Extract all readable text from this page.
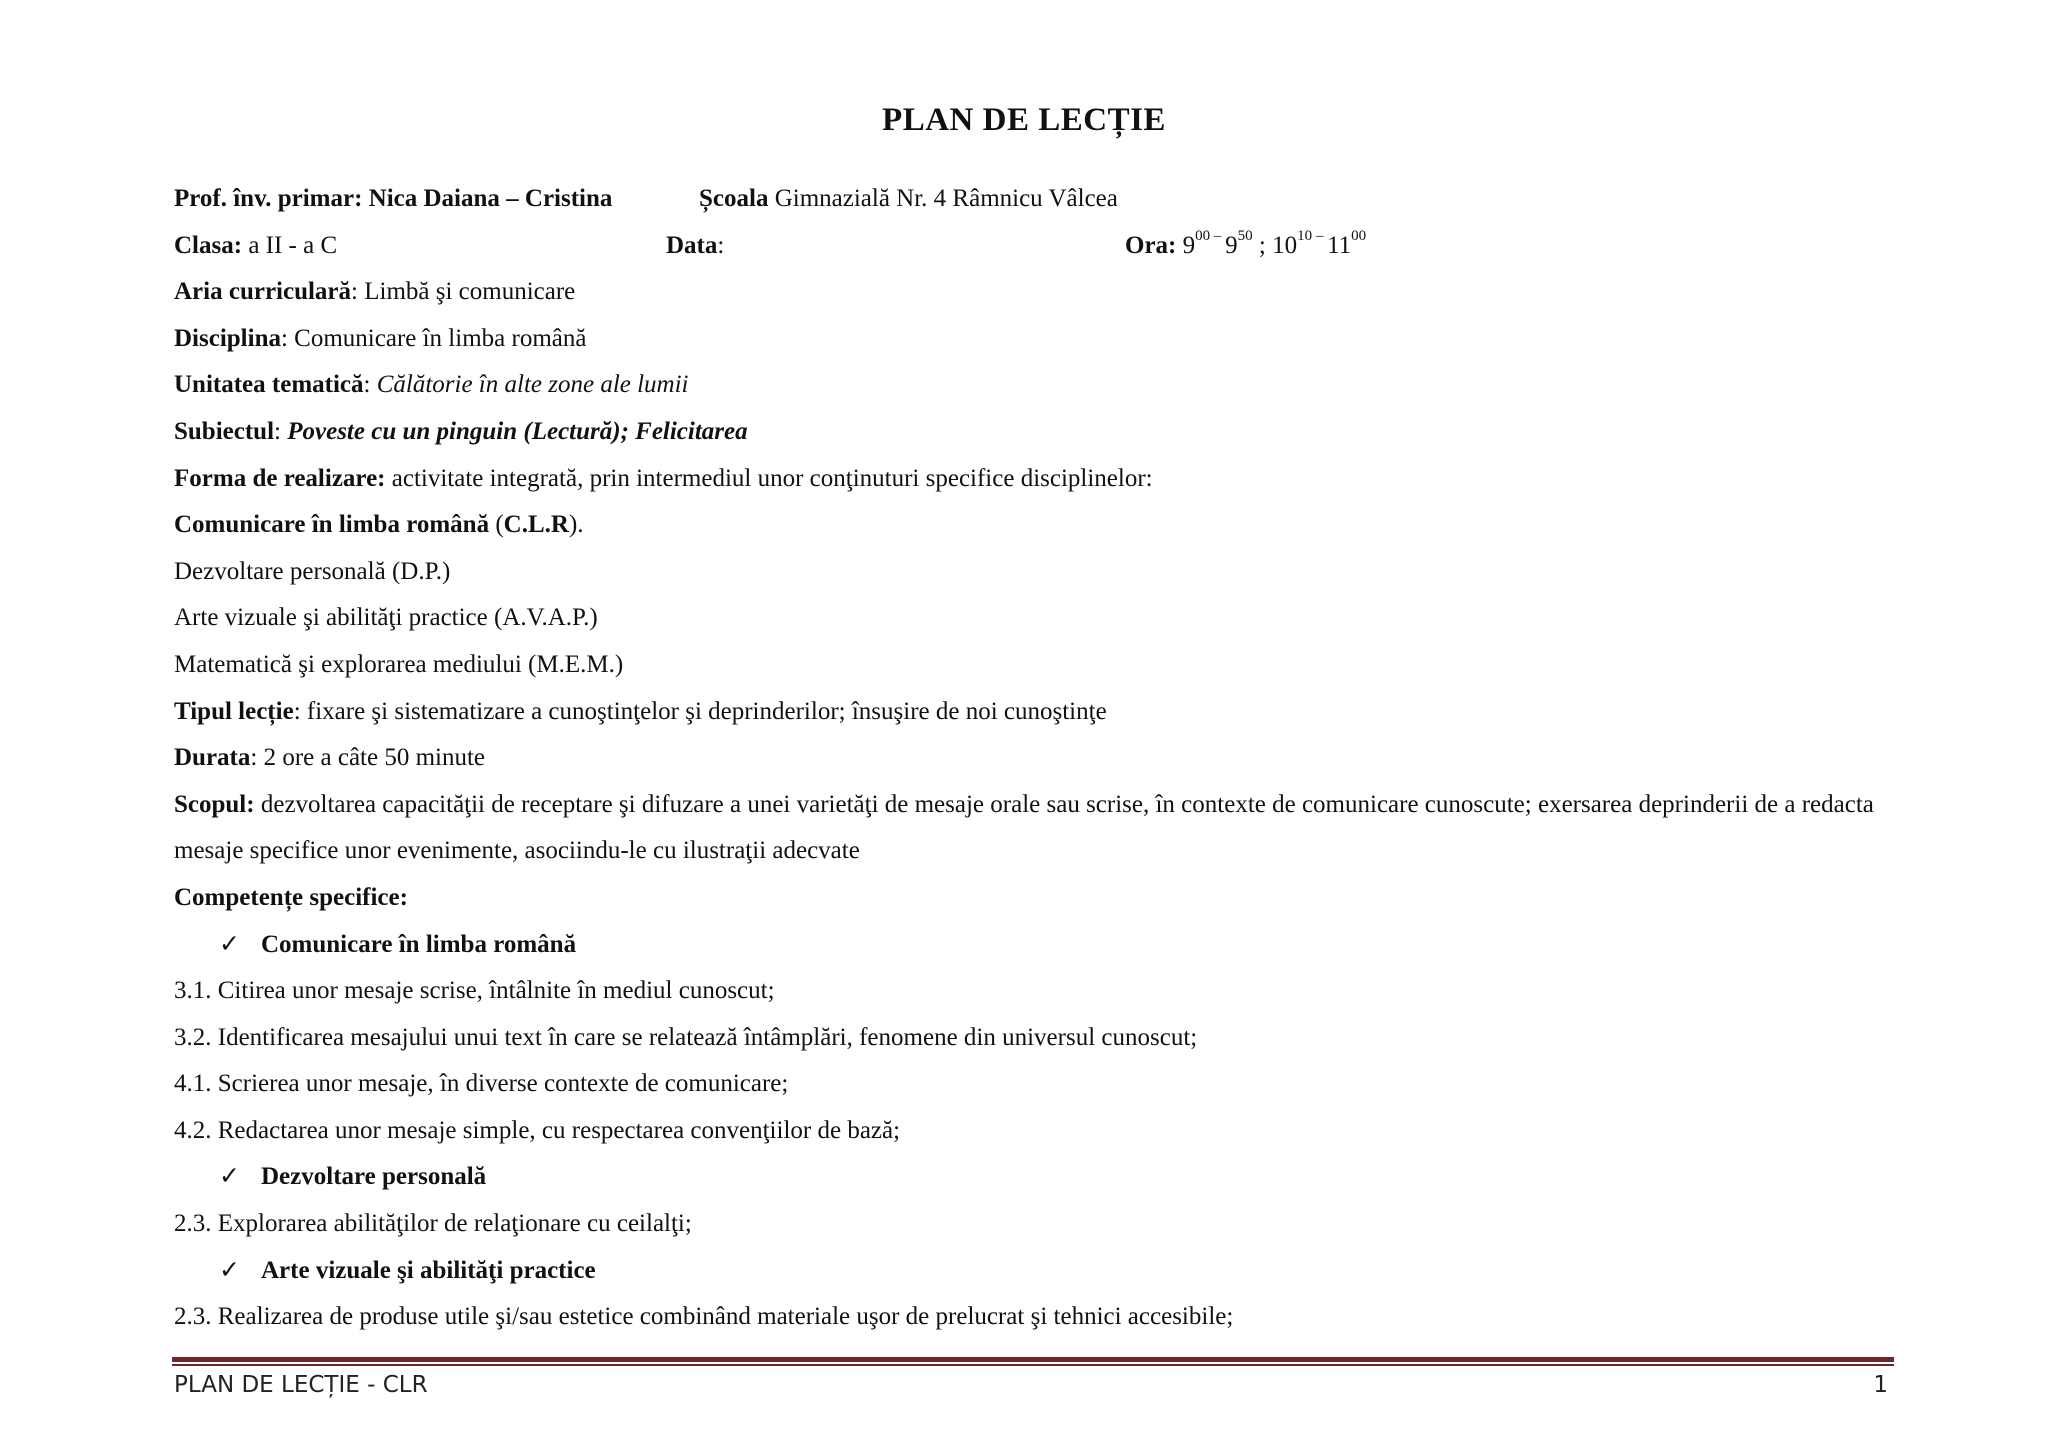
PLAN DE LECȚIE
Prof. înv. primar: Nica Daiana – Cristina	Școala Gimnazială Nr. 4 Râmnicu Vâlcea
Clasa: a II - a C	Data:	Ora: $9^{00 -}$ $9^{50}$ ; $10^{10 -}$ $11^{00}$
Aria curriculară: Limbă şi comunicare
Disciplina: Comunicare în limba română
Unitatea tematică: Călătorie în alte zone ale lumii
Subiectul: Poveste cu un pinguin (Lectură); Felicitarea
Forma de realizare: activitate integrată, prin intermediul unor conţinuturi specifice disciplinelor:
Comunicare în limba română (C.L.R).
Dezvoltare personală (D.P.)
Arte vizuale şi abilităţi practice (A.V.A.P.)
Matematică şi explorarea mediului (M.E.M.)
Tipul lecție: fixare şi sistematizare a cunoştinţelor şi deprinderilor; însuşire de noi cunoştinţe
Durata: 2 ore a câte 50 minute
Scopul: dezvoltarea capacităţii de receptare şi difuzare a unei varietăţi de mesaje orale sau scrise, în contexte de comunicare cunoscute; exersarea deprinderii de a redacta mesaje specifice unor evenimente, asociindu-le cu ilustraţii adecvate
Competențe specifice:
✓ Comunicare în limba română
3.1. Citirea unor mesaje scrise, întâlnite în mediul cunoscut;
3.2. Identificarea mesajului unui text în care se relatează întâmplări, fenomene din universul cunoscut;
4.1. Scrierea unor mesaje, în diverse contexte de comunicare;
4.2. Redactarea unor mesaje simple, cu respectarea convenţiilor de bază;
✓ Dezvoltare personală
2.3. Explorarea abilităţilor de relaţionare cu ceilalţi;
✓ Arte vizuale şi abilităţi practice
2.3. Realizarea de produse utile şi/sau estetice combinând materiale uşor de prelucrat şi tehnici accesibile;
PLAN DE LECȚIE - CLR	1
